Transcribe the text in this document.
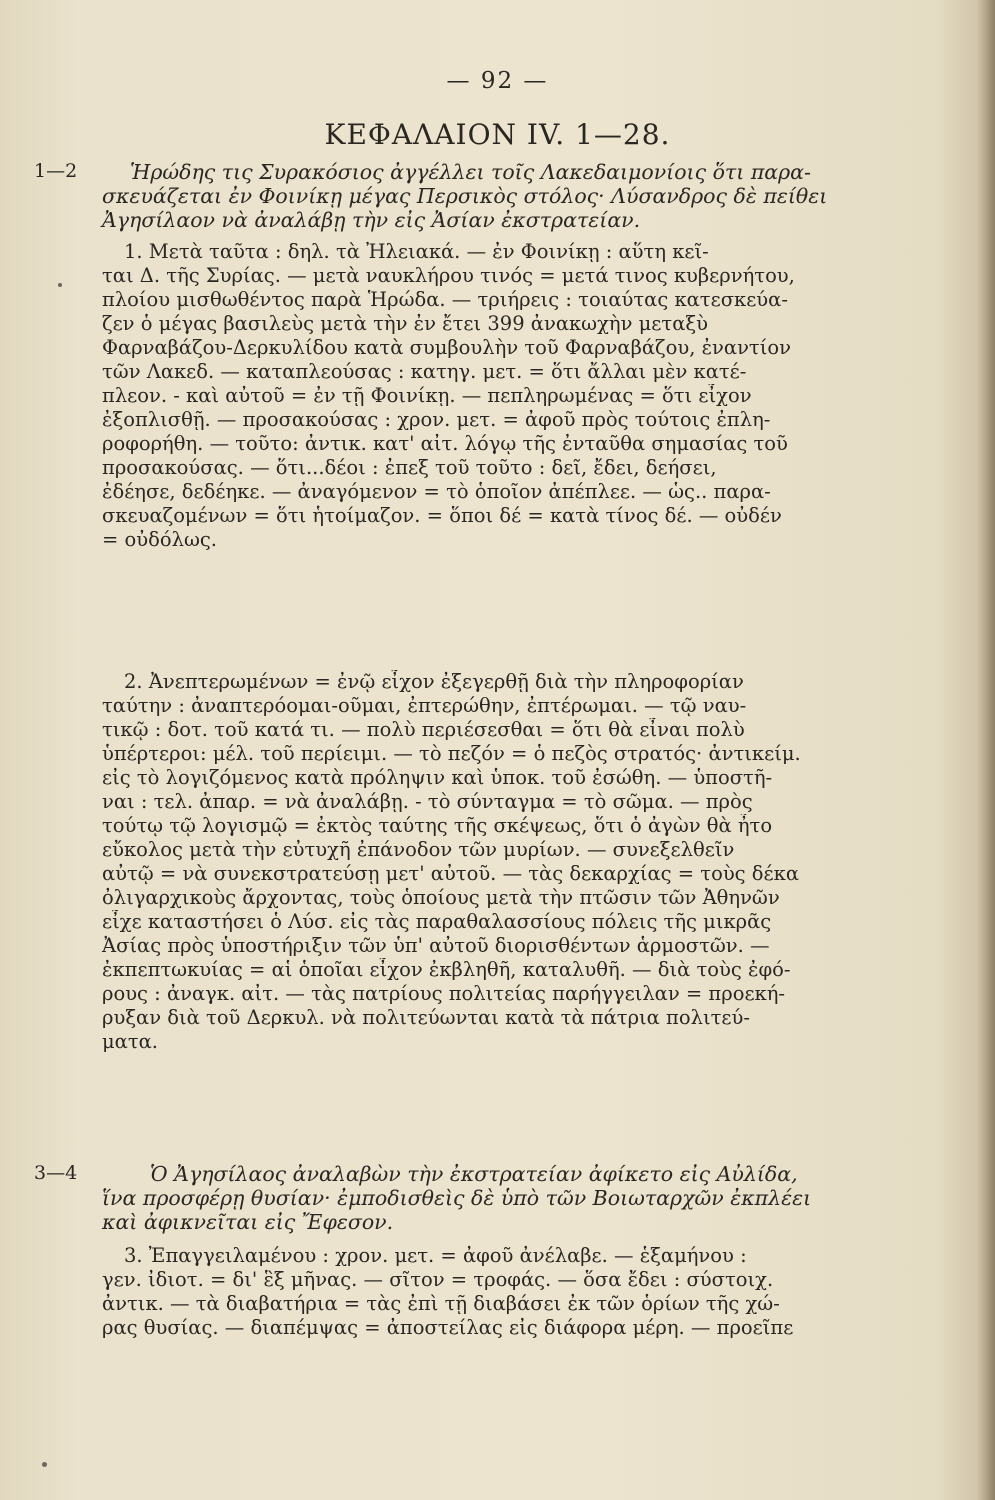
— 92 —
ΚΕΦΑΛΑΙΟΝ IV. 1—28.
1—2	Ἡρώδης τις Συρακόσιος ἀγγέλλει τοῖς Λακεδαιμονίοις ὅτι παρα-
σκευάζεται ἐν Φοινίκῃ μέγας Περσικὸς στόλος· Λύσανδρος δὲ πείθει
Ἀγησίλαον νὰ ἀναλάβῃ τὴν εἰς Ἀσίαν ἐκστρατείαν.
1. Μετὰ ταῦτα : δηλ. τὰ Ἠλειακά. — ἐν Φοινίκῃ : αὕτη κεῖ-
ται Δ. τῆς Συρίας. — μετὰ ναυκλήρου τινός = μετά τινος κυβερνήτου,
πλοίου μισθωθέντος παρὰ Ἡρώδα. — τριήρεις : τοιαύτας κατεσκεύα-
ζεν ὁ μέγας βασιλεὺς μετὰ τὴν ἐν ἔτει 399 ἀνακωχὴν μεταξὺ
Φαρναβάζου-Δερκυλίδου κατὰ συμβουλὴν τοῦ Φαρναβάζου, ἐναντίον
τῶν Λακεδ. — καταπλεούσας : κατηγ. μετ. = ὅτι ἄλλαι μὲν κατέ-
πλεον. - καὶ αὐτοῦ = ἐν τῇ Φοινίκῃ. — πεπληρωμένας = ὅτι εἶχον
ἐξοπλισθῇ. — προσακούσας : χρον. μετ. = ἀφοῦ πρὸς τούτοις ἐπλη-
ροφορήθη. — τοῦτο: ἀντικ. κατ' αἰτ. λόγῳ τῆς ἐνταῦθα σημασίας τοῦ
προσακούσας. — ὅτι...δέοι : ἐπεξ τοῦ τοῦτο : δεῖ, ἔδει, δεήσει,
ἐδέησε, δεδέηκε. — ἀναγόμενον = τὸ ὁποῖον ἀπέπλεε. — ὡς.. παρα-
σκευαζομένων = ὅτι ἡτοίμαζον. = ὅποι δέ = κατὰ τίνος δέ. — οὐδέν
= οὐδόλως.
2. Ἀνεπτερωμένων = ἐνῷ εἶχον ἐξεγερθῇ διὰ τὴν πληροφορίαν
ταύτην : ἀναπτερόομαι-οῦμαι, ἐπτερώθην, ἐπτέρωμαι. — τῷ ναυ-
τικῷ : δοτ. τοῦ κατά τι. — πολὺ περιέσεσθαι = ὅτι θὰ εἶναι πολὺ
ὑπέρτεροι: μέλ. τοῦ περίειμι. — τὸ πεζόν = ὁ πεζὸς στρατός· ἀντικείμ.
εἰς τὸ λογιζόμενος κατὰ πρόληψιν καὶ ὑποκ. τοῦ ἐσώθη. — ὑποστῆ-
ναι : τελ. ἀπαρ. = νὰ ἀναλάβῃ. - τὸ σύνταγμα = τὸ σῶμα. — πρὸς
τούτῳ τῷ λογισμῷ = ἐκτὸς ταύτης τῆς σκέψεως, ὅτι ὁ ἀγὼν θὰ ἦτο
εὔκολος μετὰ τὴν εὐτυχῆ ἐπάνοδον τῶν μυρίων. — συνεξελθεῖν
αὐτῷ = νὰ συνεκστρατεύσῃ μετ' αὐτοῦ. — τὰς δεκαρχίας = τοὺς δέκα
ὀλιγαρχικοὺς ἄρχοντας, τοὺς ὁποίους μετὰ τὴν πτῶσιν τῶν Ἀθηνῶν
εἶχε καταστήσει ὁ Λύσ. εἰς τὰς παραθαλασσίους πόλεις τῆς μικρᾶς
Ἀσίας πρὸς ὑποστήριξιν τῶν ὑπ' αὐτοῦ διορισθέντων ἁρμοστῶν. —
ἐκπεπτωκυίας = αἱ ὁποῖαι εἶχον ἐκβληθῆ, καταλυθῆ. — διὰ τοὺς ἐφό-
ρους : ἀναγκ. αἰτ. — τὰς πατρίους πολιτείας παρήγγειλαν = προεκή-
ρυξαν διὰ τοῦ Δερκυλ. νὰ πολιτεύωνται κατὰ τὰ πάτρια πολιτεύ-
ματα.
3—4	Ὁ Ἀγησίλαος ἀναλαβὼν τὴν ἐκστρατείαν ἀφίκετο εἰς Αὐλίδα,
ἵνα προσφέρῃ θυσίαν· ἐμποδισθεὶς δὲ ὑπὸ τῶν Βοιωταρχῶν ἐκπλέει
καὶ ἀφικνεῖται εἰς Ἔφεσον.
3. Ἐπαγγειλαμένου : χρον. μετ. = ἀφοῦ ἀνέλαβε. — ἑξαμήνου :
γεν. ἰδιοτ. = δι' ἓξ μῆνας. — σῖτον = τροφάς. — ὅσα ἔδει : σύστοιχ.
ἀντικ. — τὰ διαβατήρια = τὰς ἐπὶ τῇ διαβάσει ἐκ τῶν ὁρίων τῆς χώ-
ρας θυσίας. — διαπέμψας = ἀποστείλας εἰς διάφορα μέρη. — προεῖπε
